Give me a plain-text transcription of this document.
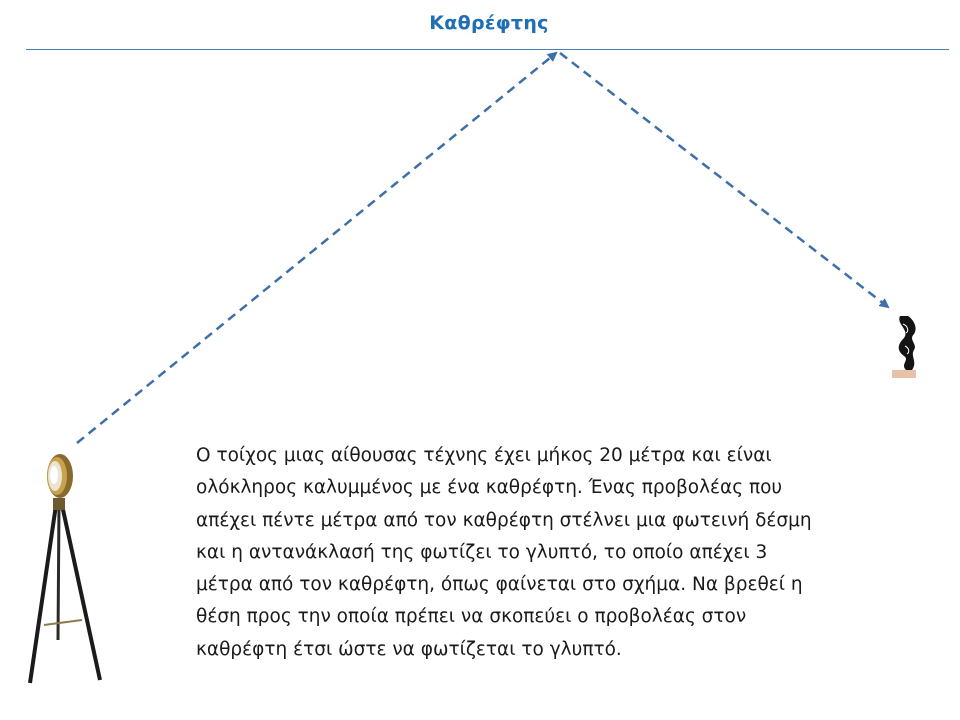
Καθρέφτης
Ο τοίχος μιας αίθουσας τέχνης έχει μήκος 20 μέτρα και είναι
ολόκληρος καλυμμένος με ένα καθρέφτη. Ένας προβολέας που
απέχει πέντε μέτρα από τον καθρέφτη στέλνει μια φωτεινή δέσμη
και η αντανάκλασή της φωτίζει το γλυπτό, το οποίο απέχει 3
μέτρα από τον καθρέφτη, όπως φαίνεται στο σχήμα. Να βρεθεί η
θέση προς την οποία πρέπει να σκοπεύει ο προβολέας στον
καθρέφτη έτσι ώστε να φωτίζεται το γλυπτό.
